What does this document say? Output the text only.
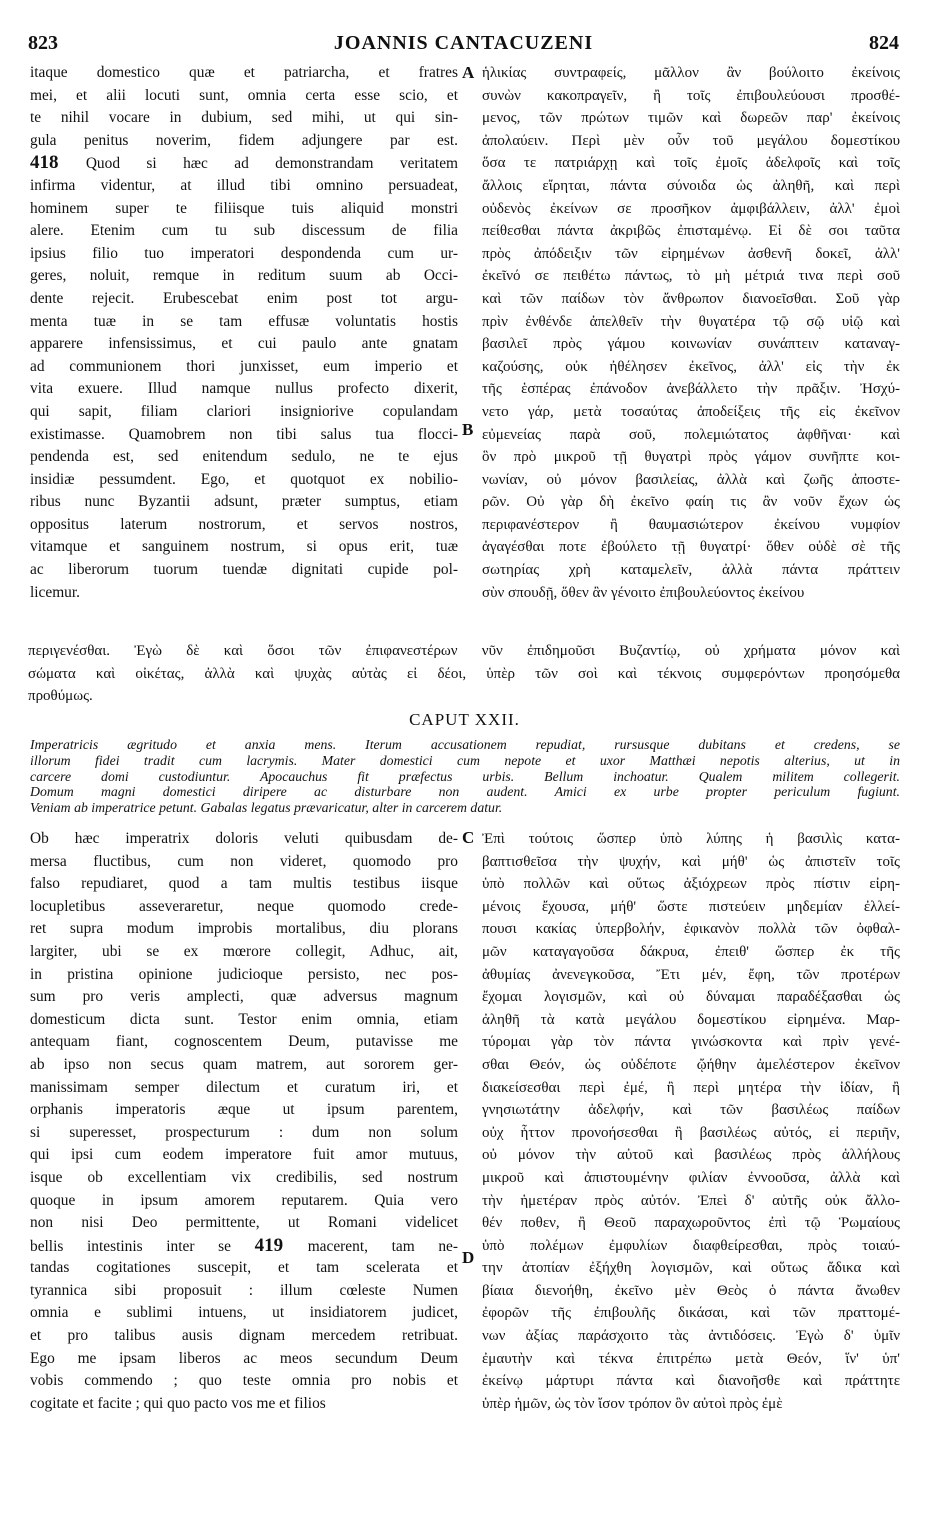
823	JOANNIS CANTACUZENI	824
itaque domestico quæ et patriarcha, et fratres
mei, et alii locuti sunt, omnia certa esse scio, et
te nihil vocare in dubium, sed mihi, ut qui sin-
gula penitus noverim, fidem adjungere par est.
418 Quod si hæc ad demonstrandam veritatem
infirma videntur, at illud tibi omnino persuadeat,
hominem super te filiisque tuis aliquid monstri
alere. Etenim cum tu sub discessum de filia
ipsius filio tuo imperatori despondenda cum ur-
geres, noluit, remque in reditum suum ab Occi-
dente rejecit. Erubescebat enim post tot argu-
menta tuæ in se tam effusæ voluntatis hostis
apparere infensissimus, et cui paulo ante gnatam
ad communionem thori junxisset, eum imperio et
vita exuere. Illud namque nullus profecto dixerit,
qui sapit, filiam clariori insigniorive copulandam
existimasse. Quamobrem non tibi salus tua flocci-
pendenda est, sed enitendum sedulo, ne te ejus
insidiæ pessumdent. Ego, et quotquot ex nobilio-
ribus nunc Byzantii adsunt, præter sumptus, etiam
oppositus laterum nostrorum, et servos nostros,
vitamque et sanguinem nostrum, si opus erit, tuæ
ac liberorum tuorum tuendæ dignitati cupide pol-
licemur.
ἡλικίας συντραφείς, μᾶλλον ἂν βούλοιτο ἐκείνοις
συνὼν κακοπραγεῖν, ἢ τοῖς ἐπιβουλεύουσι προσθέ-
μενος, τῶν πρώτων τιμῶν καὶ δωρεῶν παρ' ἐκείνοις
ἀπολαύειν. Περὶ μὲν οὖν τοῦ μεγάλου δομεστίκου
ὅσα τε πατριάρχῃ καὶ τοῖς ἐμοῖς ἀδελφοῖς καὶ τοῖς
ἄλλοις εἴρηται, πάντα σύνοιδα ὡς ἀληθῆ, καὶ περὶ
οὐδενὸς ἐκείνων σε προσῆκον ἀμφιβάλλειν, ἀλλ' ἐμοὶ
πείθεσθαι πάντα ἀκριβῶς ἐπισταμένῳ. Εἰ δὲ σοι ταῦτα
πρὸς ἀπόδειξιν τῶν εἰρημένων ἀσθενῆ δοκεῖ, ἀλλ'
ἐκεῖνό σε πειθέτω πάντως, τὸ μὴ μέτριά τινα περὶ σοῦ
καὶ τῶν παίδων τὸν ἄνθρωπον διανοεῖσθαι. Σοῦ γὰρ
πρὶν ἐνθένδε ἀπελθεῖν τὴν θυγατέρα τῷ σῷ υἱῷ καὶ
βασιλεῖ πρὸς γάμου κοινωνίαν συνάπτειν καταναγ-
καζούσης, οὐκ ἠθέλησεν ἐκεῖνος, ἀλλ' εἰς τὴν ἐκ
τῆς ἑσπέρας ἐπάνοδον ἀνεβάλλετο τὴν πρᾶξιν. Ἠσχύ-
νετο γάρ, μετὰ τοσαύτας ἀποδείξεις τῆς εἰς ἐκεῖνον
εὐμενείας παρὰ σοῦ, πολεμιώτατος ἀφθῆναι· καὶ
ὃν πρὸ μικροῦ τῇ θυγατρὶ πρὸς γάμον συνῆπτε κοι-
νωνίαν, οὐ μόνον βασιλείας, ἀλλὰ καὶ ζωῆς ἀποστε-
ρῶν. Οὐ γὰρ δὴ ἐκεῖνο φαίη τις ἂν νοῦν ἔχων ὡς
περιφανέστερον ἢ θαυμασιώτερον ἐκείνου νυμφίον
ἀγαγέσθαι ποτε ἐβούλετο τῇ θυγατρί· ὅθεν οὐδὲ σὲ τῆς
σωτηρίας χρὴ καταμελεῖν, ἀλλὰ πάντα πράττειν
σὺν σπουδῇ, ὅθεν ἂν γένοιτο ἐπιβουλεύοντος ἐκείνου
A
B
περιγενέσθαι. Ἐγὼ δὲ καὶ ὅσοι τῶν ἐπιφανεστέρων νῦν ἐπιδημοῦσι Βυζαντίῳ, οὐ χρήματα μόνον καὶ
σώματα καὶ οἰκέτας, ἀλλὰ καὶ ψυχὰς αὐτὰς εἰ δέοι, ὑπὲρ τῶν σοὶ καὶ τέκνοις συμφερόντων προησόμεθα
προθύμως.
CAPUT XXII.
Imperatricis ægritudo et anxia mens. Iterum accusationem repudiat, rursusque dubitans et credens, se
illorum fidei tradit cum lacrymis. Mater domestici cum nepote et uxor Matthæi nepotis alterius, ut in
carcere domi custodiuntur. Apocauchus fit præfectus urbis. Bellum inchoatur. Qualem militem collegerit.
Domum magni domestici diripere ac disturbare non audent. Amici ex urbe propter periculum fugiunt.
Veniam ab imperatrice petunt. Gabalas legatus prævaricatur, alter in carcerem datur.
Ob hæc imperatrix doloris veluti quibusdam de-
mersa fluctibus, cum non videret, quomodo pro
falso repudiaret, quod a tam multis testibus iisque
locupletibus asseveraretur, neque quomodo crede-
ret supra modum improbis mortalibus, diu plorans
largiter, ubi se ex mœrore collegit, Adhuc, ait,
in pristina opinione judicioque persisto, nec pos-
sum pro veris amplecti, quæ adversus magnum
domesticum dicta sunt. Testor enim omnia, etiam
antequam fiant, cognoscentem Deum, putavisse me
ab ipso non secus quam matrem, aut sororem ger-
manissimam semper dilectum et curatum iri, et
orphanis imperatoris æque ut ipsum parentem,
si superesset, prospecturum : dum non solum
qui ipsi cum eodem imperatore fuit amor mutuus,
isque ob excellentiam vix credibilis, sed nostrum
quoque in ipsum amorem reputarem. Quia vero
non nisi Deo permittente, ut Romani videlicet
bellis intestinis inter se 419 macerent, tam ne-
tandas cogitationes suscepit, et tam scelerata et
tyrannica sibi proposuit : illum cœleste Numen
omnia e sublimi intuens, ut insidiatorem judicet,
et pro talibus ausis dignam mercedem retribuat.
Ego me ipsam liberos ac meos secundum Deum
vobis commendo ; quo teste omnia pro nobis et
cogitate et facite ; qui quo pacto vos me et filios
Ἐπὶ τούτοις ὥσπερ ὑπὸ λύπης ἡ βασιλὶς κατα-
βαπτισθεῖσα τὴν ψυχήν, καὶ μήθ' ὡς ἀπιστεῖν τοῖς
ὑπὸ πολλῶν καὶ οὕτως ἀξιόχρεων πρὸς πίστιν εἰρη-
μένοις ἔχουσα, μήθ' ὥστε πιστεύειν μηδεμίαν ἐλλεί-
πουσι κακίας ὑπερβολήν, ἐφικανὸν πολλὰ τῶν ὀφθαλ-
μῶν καταγαγοῦσα δάκρυα, ἐπειθ' ὥσπερ ἐκ τῆς
ἀθυμίας ἀνενεγκοῦσα, Ἔτι μέν, ἔφη, τῶν προτέρων
ἔχομαι λογισμῶν, καὶ οὐ δύναμαι παραδέξασθαι ὡς
ἀληθῆ τὰ κατὰ μεγάλου δομεστίκου εἰρημένα. Μαρ-
τύρομαι γὰρ τὸν πάντα γινώσκοντα καὶ πρὶν γενέ-
σθαι Θεόν, ὡς οὐδέποτε ᾤήθην ἀμελέστερον ἐκεῖνον
διακείσεσθαι περὶ ἐμέ, ἢ περὶ μητέρα τὴν ἰδίαν, ἢ
γνησιωτάτην ἀδελφήν, καὶ τῶν βασιλέως παίδων
οὐχ ἧττον προνοήσεσθαι ἢ βασιλέως αὐτός, εἰ περιῆν,
οὐ μόνον τὴν αὐτοῦ καὶ βασιλέως πρὸς ἀλλήλους
μικροῦ καὶ ἀπιστουμένην φιλίαν ἐννοοῦσα, ἀλλὰ καὶ
τὴν ἡμετέραν πρὸς αὐτόν. Ἐπεὶ δ' αὐτῆς οὐκ ἄλλο-
θέν ποθεν, ἢ Θεοῦ παραχωροῦντος ἐπὶ τῷ Ῥωμαίους
ὑπὸ πολέμων ἐμφυλίων διαφθείρεσθαι, πρὸς τοιαύ-
την ἀτοπίαν ἐξήχθη λογισμῶν, καὶ οὕτως ἄδικα καὶ
βίαια διενοήθη, ἐκεῖνο μὲν Θεὸς ὁ πάντα ἄνωθεν
ἐφορῶν τῆς ἐπιβουλῆς δικάσαι, καὶ τῶν πραττομέ-
νων ἀξίας παράσχοιτο τὰς ἀντιδόσεις. Ἐγὼ δ' ὑμῖν
ἐμαυτὴν καὶ τέκνα ἐπιτρέπω μετὰ Θεόν, ἵν' ὑπ'
ἐκείνῳ μάρτυρι πάντα καὶ διανοῆσθε καὶ πράττητε
ὑπὲρ ἡμῶν, ὡς τὸν ἴσον τρόπον ὃν αὐτοὶ πρὸς ἐμὲ
C
D
